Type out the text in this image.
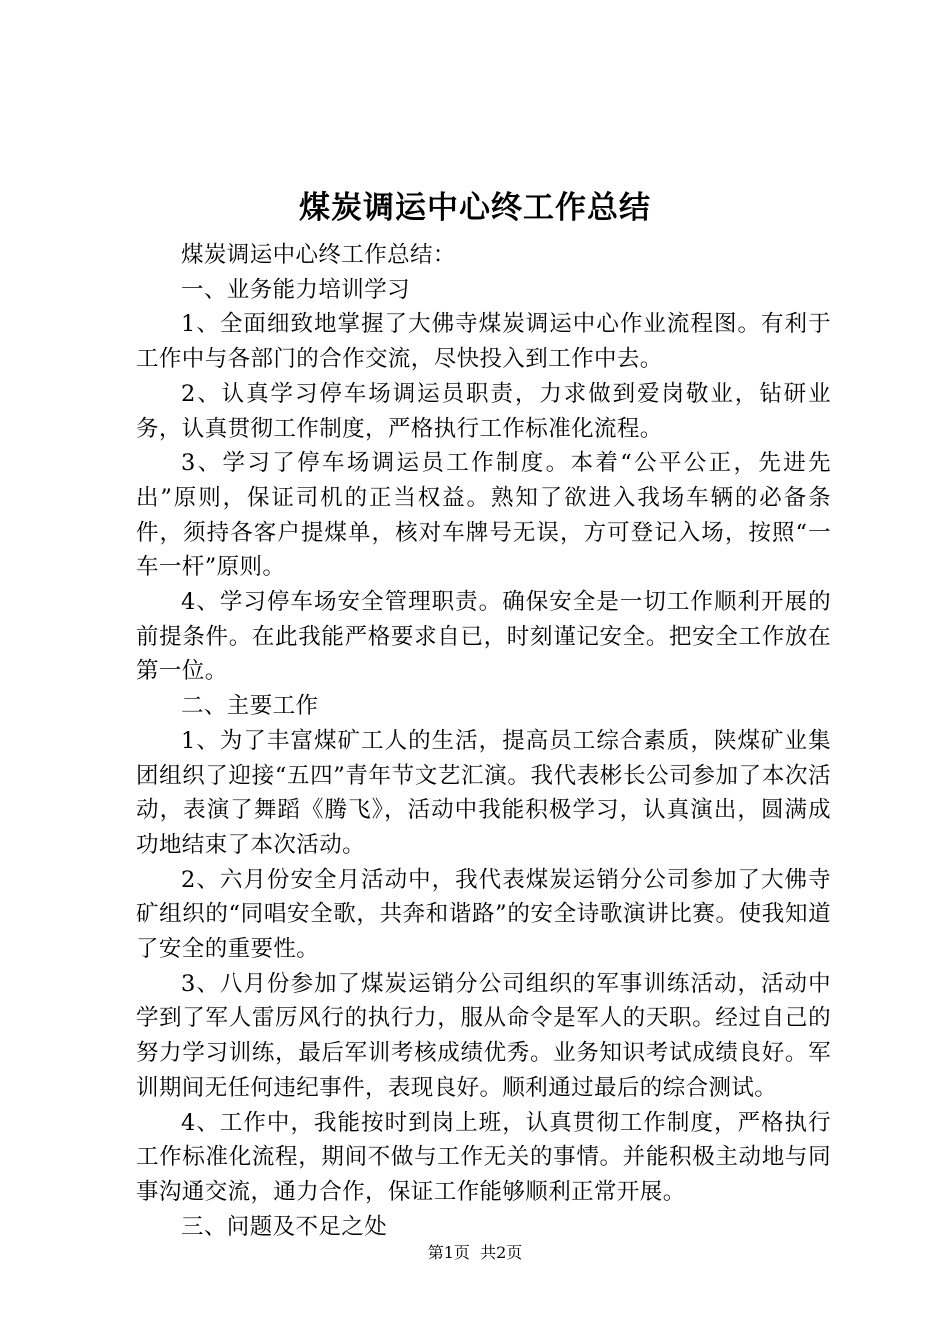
煤炭调运中心终工作总结

煤炭调运中心终工作总结：

一、业务能力培训学习

1、全面细致地掌握了大佛寺煤炭调运中心作业流程图。有利于工作中与各部门的合作交流，尽快投入到工作中去。

2、认真学习停车场调运员职责，力求做到爱岗敬业，钻研业务，认真贯彻工作制度，严格执行工作标准化流程。

3、学习了停车场调运员工作制度。本着“公平公正，先进先出”原则，保证司机的正当权益。熟知了欲进入我场车辆的必备条件，须持各客户提煤单，核对车牌号无误，方可登记入场，按照“一车一杆”原则。

4、学习停车场安全管理职责。确保安全是一切工作顺利开展的前提条件。在此我能严格要求自已，时刻谨记安全。把安全工作放在第一位。

二、主要工作

1、为了丰富煤矿工人的生活，提高员工综合素质，陕煤矿业集团组织了迎接“五四”青年节文艺汇演。我代表彬长公司参加了本次活动，表演了舞蹈《腾飞》，活动中我能积极学习，认真演出，圆满成功地结束了本次活动。

2、六月份安全月活动中，我代表煤炭运销分公司参加了大佛寺矿组织的“同唱安全歌，共奔和谐路”的安全诗歌演讲比赛。使我知道了安全的重要性。

3、八月份参加了煤炭运销分公司组织的军事训练活动，活动中学到了军人雷厉风行的执行力，服从命令是军人的天职。经过自己的努力学习训练，最后军训考核成绩优秀。业务知识考试成绩良好。军训期间无任何违纪事件，表现良好。顺利通过最后的综合测试。

4、工作中，我能按时到岗上班，认真贯彻工作制度，严格执行工作标准化流程，期间不做与工作无关的事情。并能积极主动地与同事沟通交流，通力合作，保证工作能够顺利正常开展。

三、问题及不足之处

第1页 共2页
